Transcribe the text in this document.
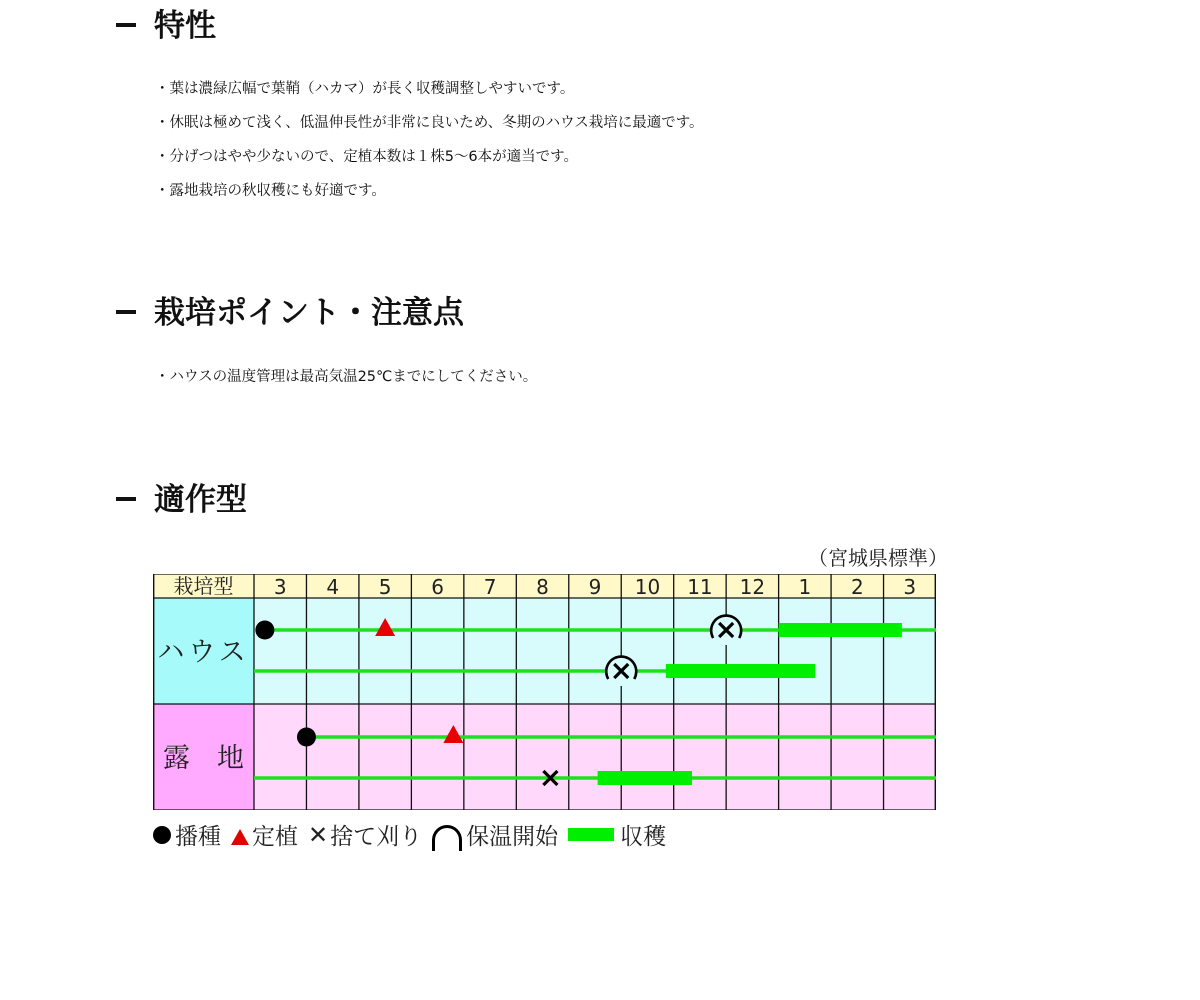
特性
・葉は濃緑広幅で葉鞘（ハカマ）が長く収穫調整しやすいです。
・休眠は極めて浅く、低温伸長性が非常に良いため、冬期のハウス栽培に最適です。
・分げつはやや少ないので、定植本数は１株5〜6本が適当です。
・露地栽培の秋収穫にも好適です。
栽培ポイント・注意点
・ハウスの温度管理は最高気温25℃までにしてください。
適作型
（宮城県標準）
栽培型 3 4 5 6 7 8 9 10 11 12 1 2 3
ハウス
露　地
播種 定植 ✕ 捨て刈り 保温開始	収穫
